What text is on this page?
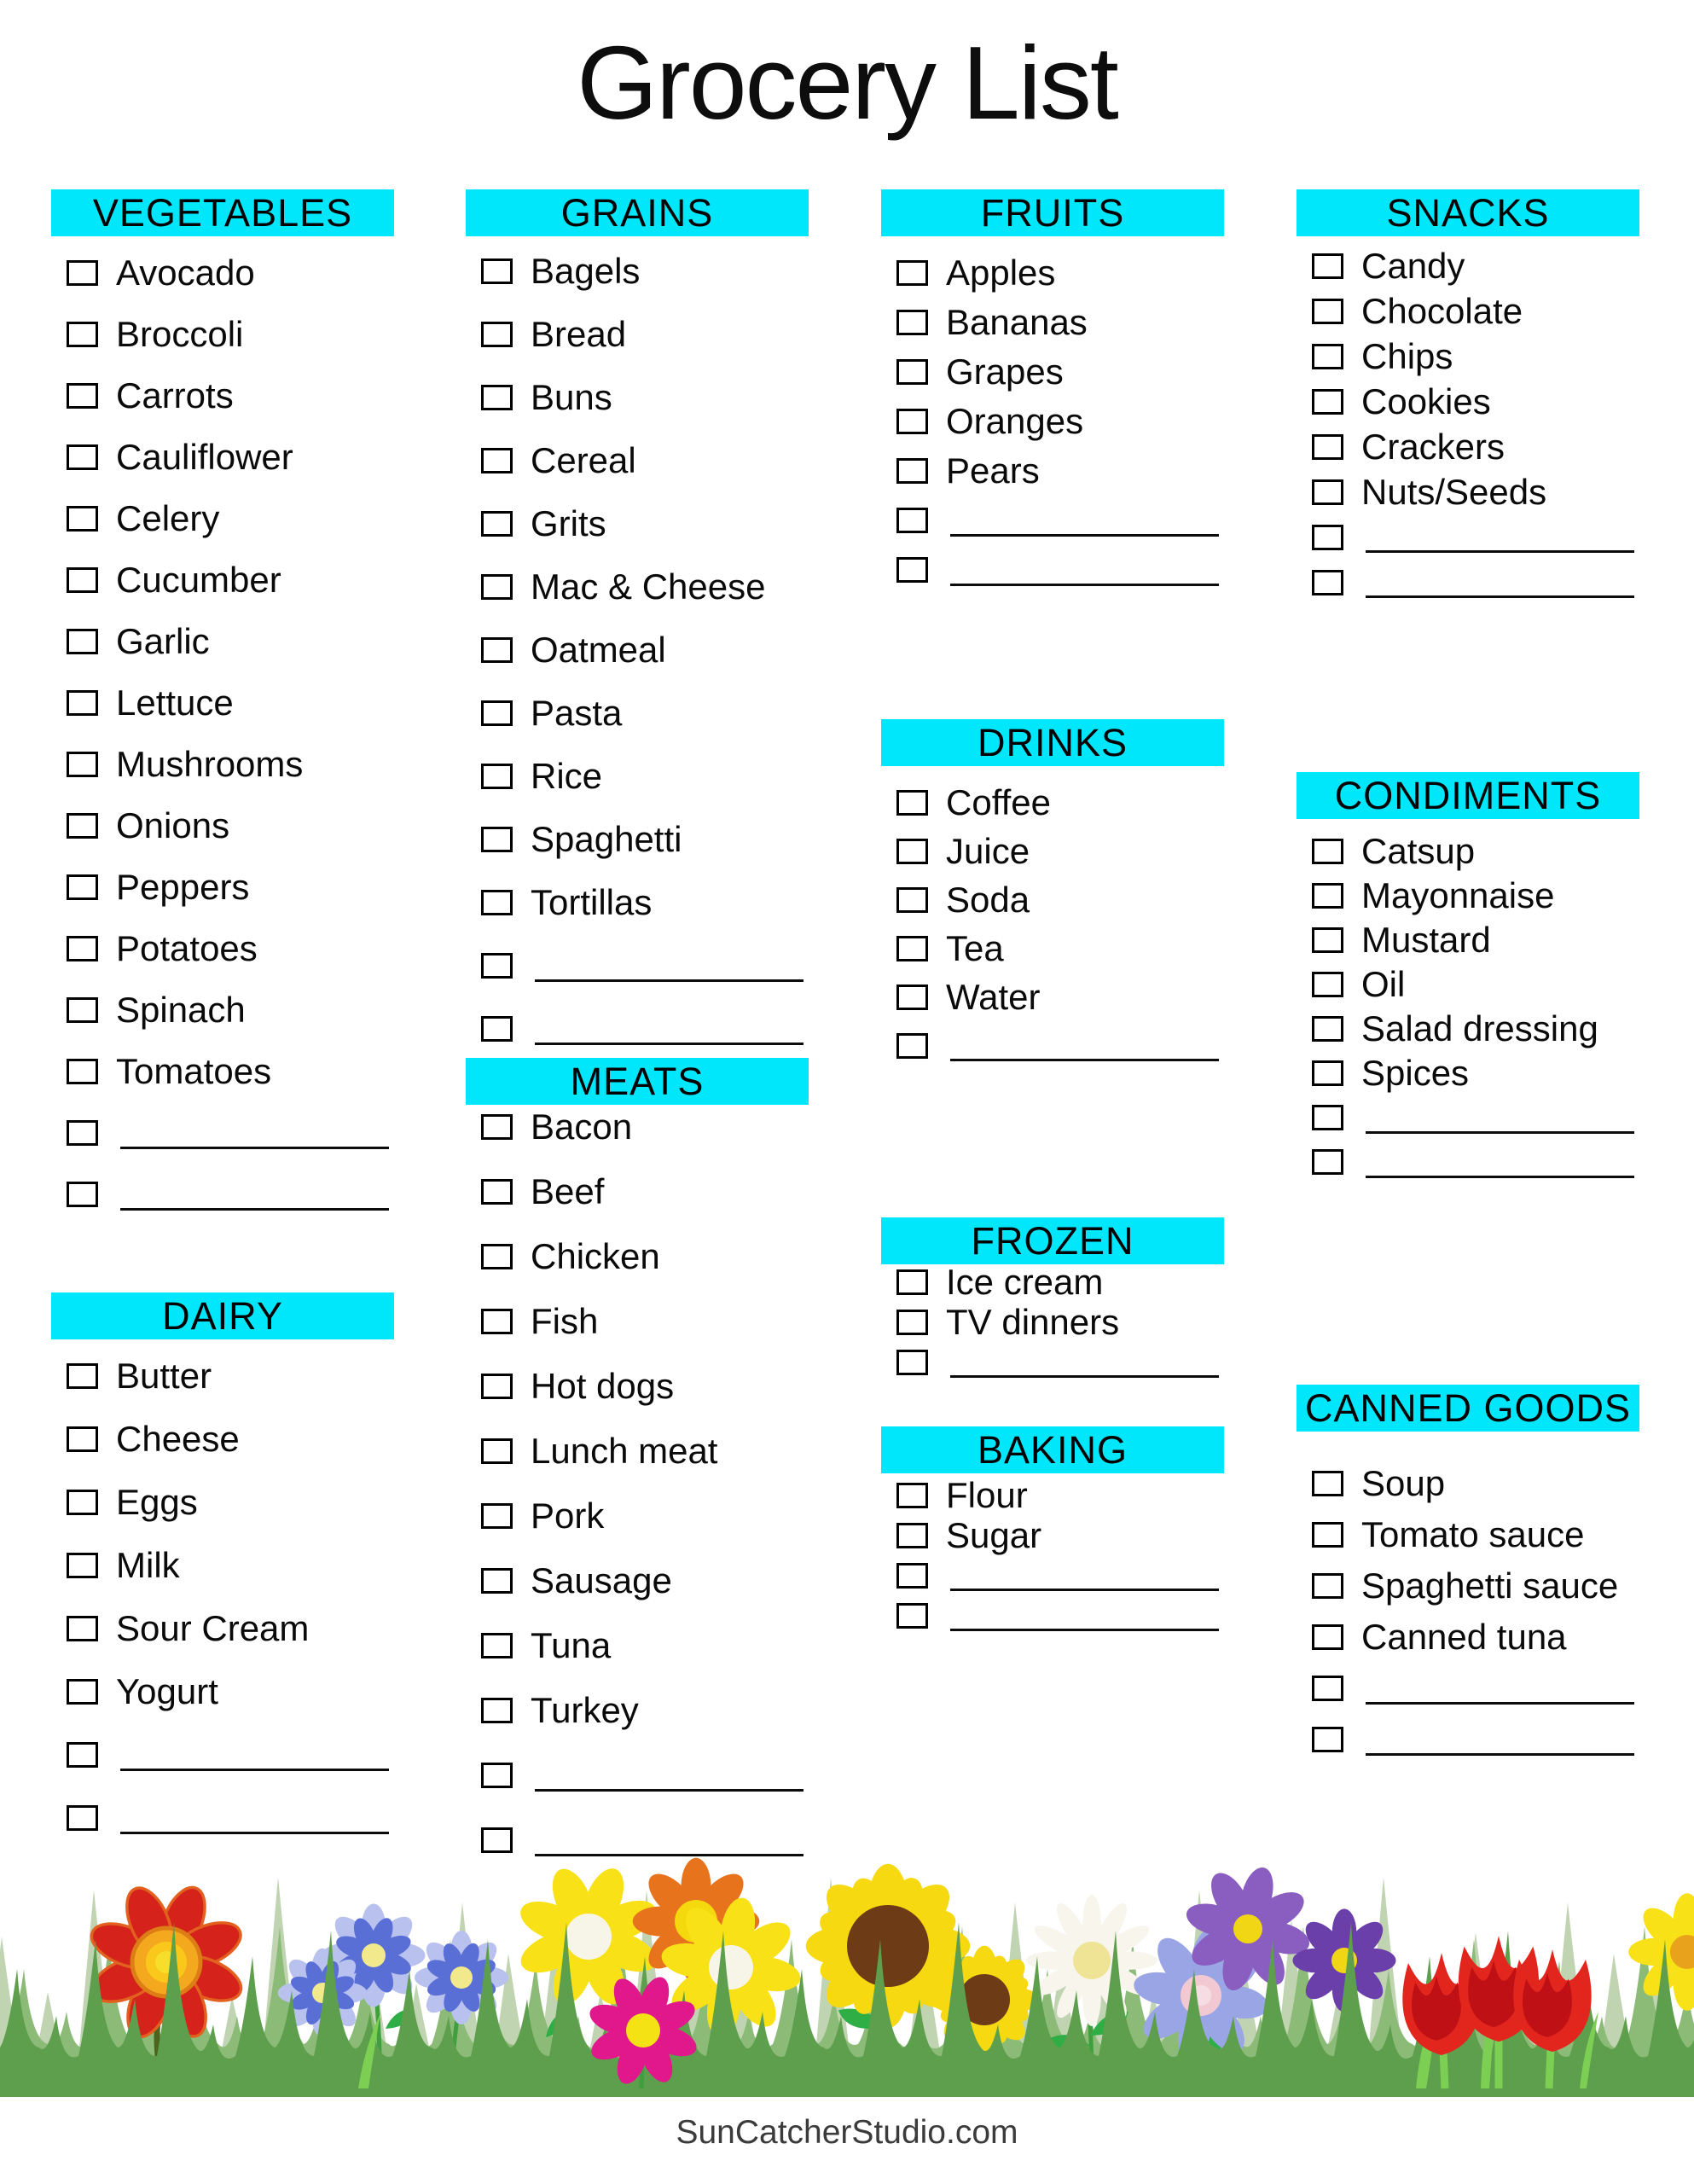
Grocery List
VEGETABLES
Avocado
Broccoli
Carrots
Cauliflower
Celery
Cucumber
Garlic
Lettuce
Mushrooms
Onions
Peppers
Potatoes
Spinach
Tomatoes
DAIRY
Butter
Cheese
Eggs
Milk
Sour Cream
Yogurt
GRAINS
Bagels
Bread
Buns
Cereal
Grits
Mac & Cheese
Oatmeal
Pasta
Rice
Spaghetti
Tortillas
MEATS
Bacon
Beef
Chicken
Fish
Hot dogs
Lunch meat
Pork
Sausage
Tuna
Turkey
FRUITS
Apples
Bananas
Grapes
Oranges
Pears
DRINKS
Coffee
Juice
Soda
Tea
Water
FROZEN
Ice cream
TV dinners
BAKING
Flour
Sugar
SNACKS
Candy
Chocolate
Chips
Cookies
Crackers
Nuts/Seeds
CONDIMENTS
Catsup
Mayonnaise
Mustard
Oil
Salad dressing
Spices
CANNED GOODS
Soup
Tomato sauce
Spaghetti sauce
Canned tuna

SunCatcherStudio.com
